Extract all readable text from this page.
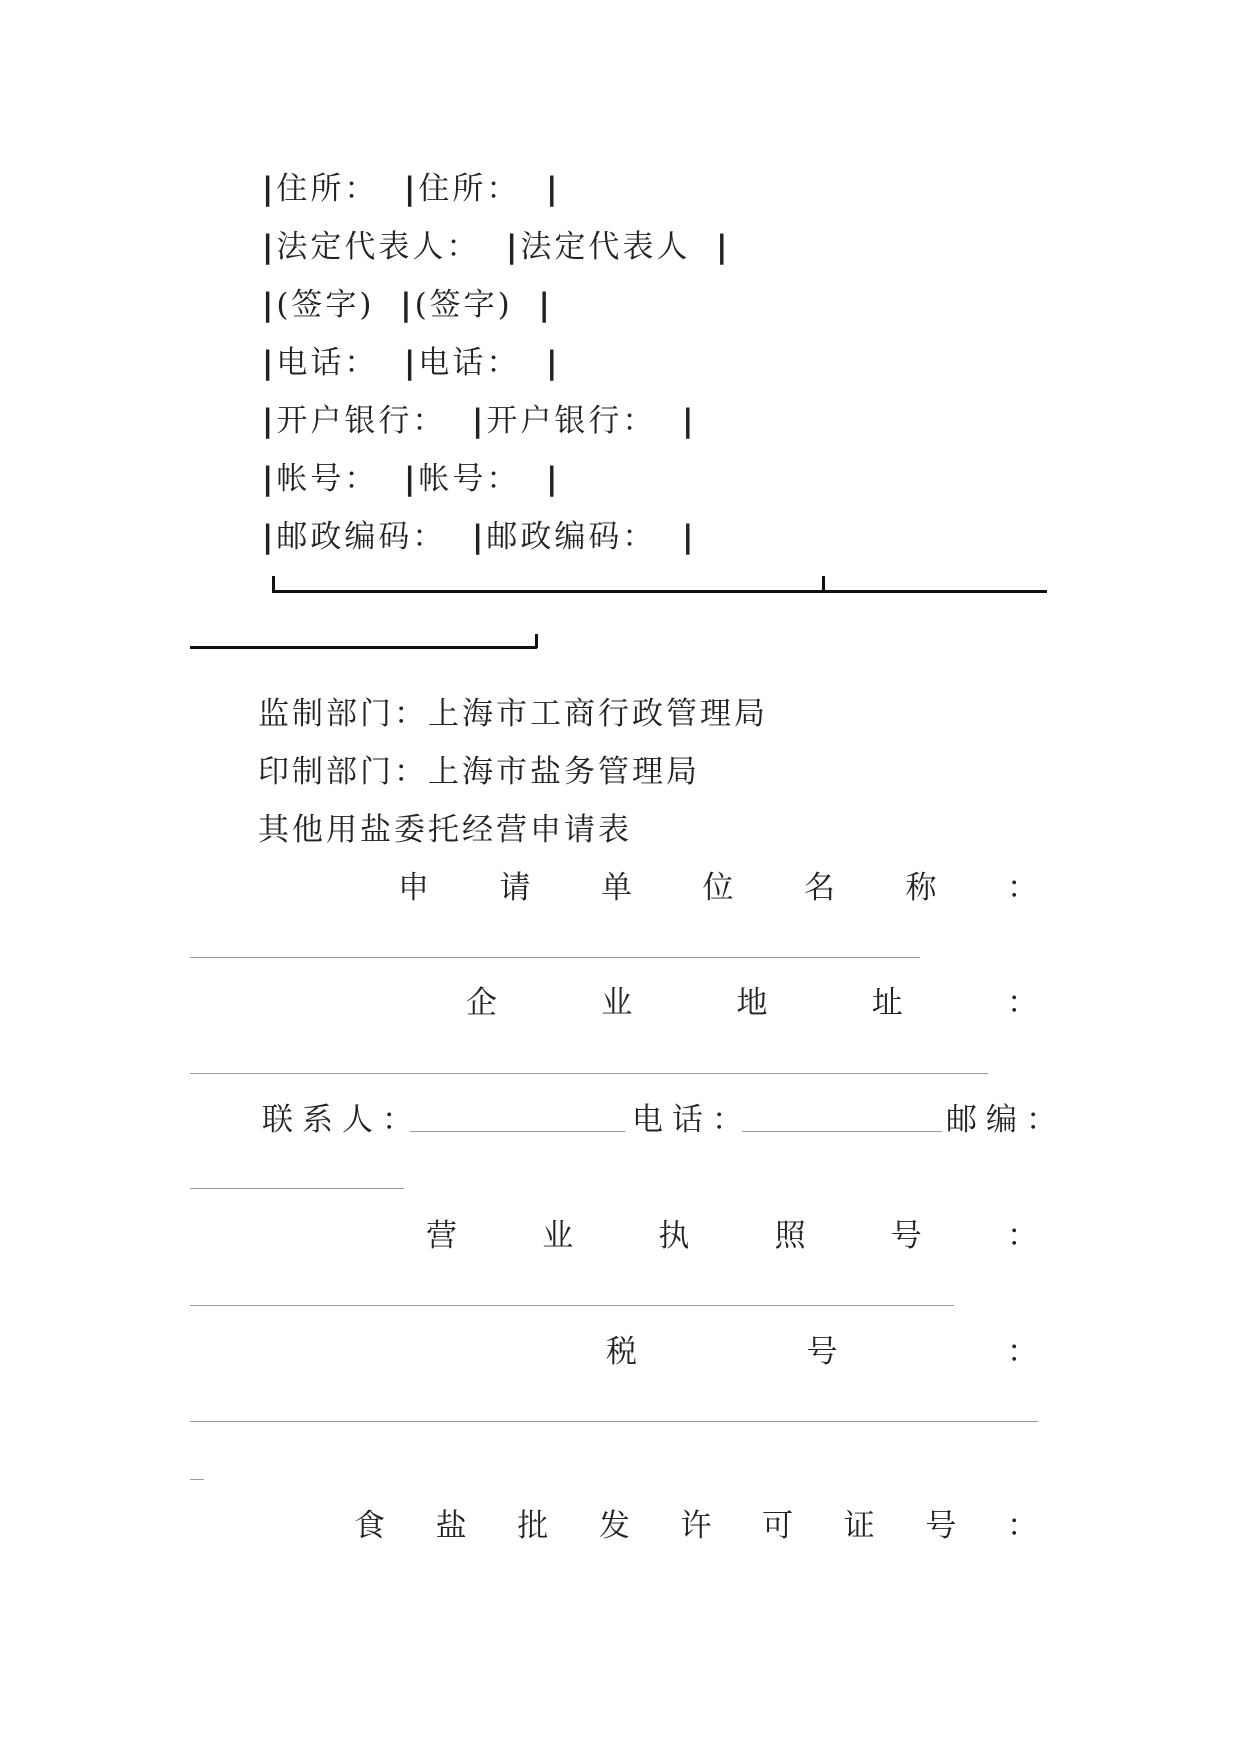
|住所： |住所： |
|法定代表人： |法定代表人 |
|(签字) |(签字) |
|电话： |电话： |
|开户银行： |开户银行： |
|帐号： |帐号： |
|邮政编码： |邮政编码： |
监制部门：上海市工商行政管理局
印制部门：上海市盐务管理局
其他用盐委托经营申请表
申 请 单 位 名 称 ：
企	业	地	址	：
联系人：	电话：	邮编：
营	业	执	照	号	：
税	号	：
食 盐 批 发 许 可 证 号 ：
